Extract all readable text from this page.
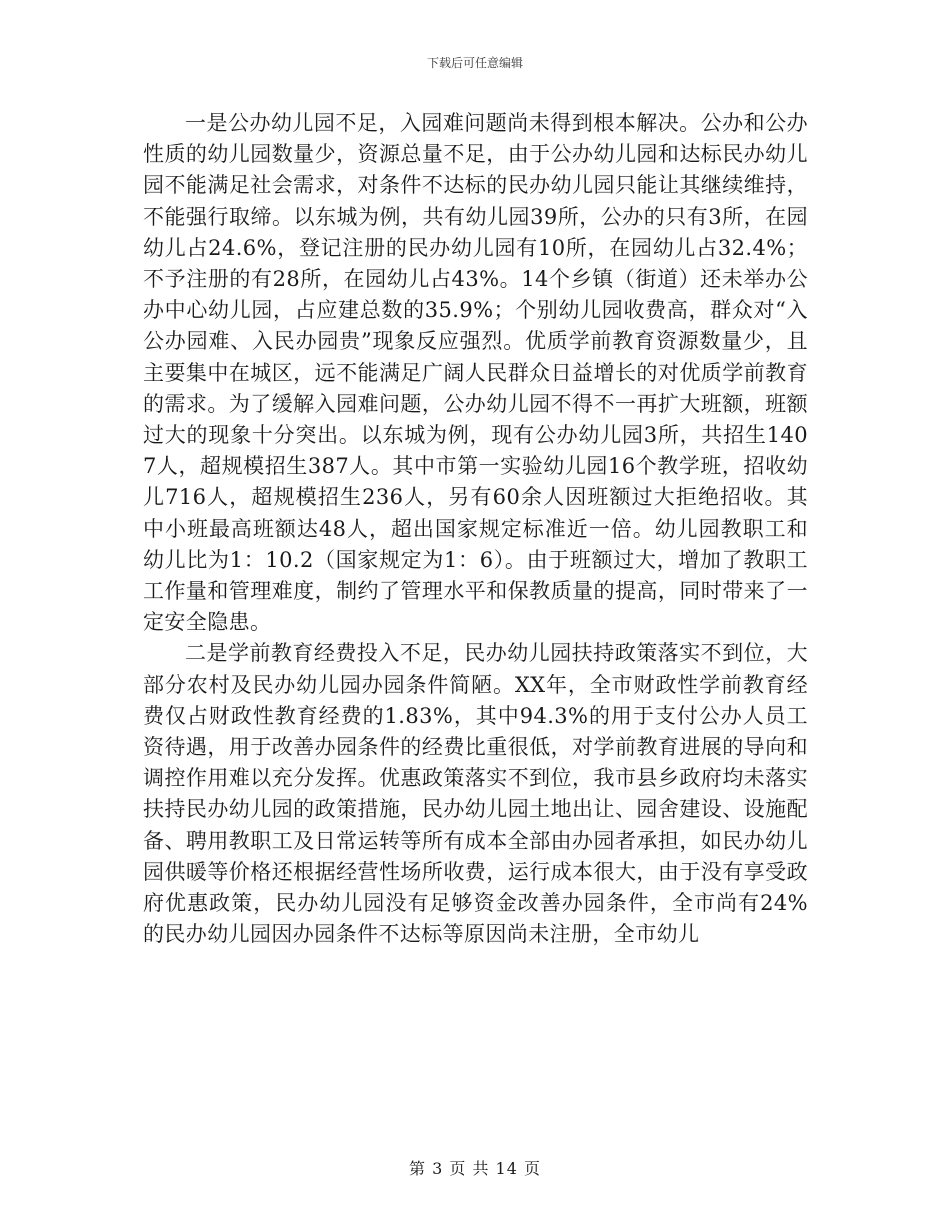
下载后可任意编辑

一是公办幼儿园不足，入园难问题尚未得到根本解决。公办和公办性质的幼儿园数量少，资源总量不足，由于公办幼儿园和达标民办幼儿园不能满足社会需求，对条件不达标的民办幼儿园只能让其继续维持，不能强行取缔。以东城为例，共有幼儿园39所，公办的只有3所，在园幼儿占24.6%，登记注册的民办幼儿园有10所，在园幼儿占32.4%；不予注册的有28所，在园幼儿占43%。14个乡镇（街道）还未举办公办中心幼儿园，占应建总数的35.9%；个别幼儿园收费高，群众对“入公办园难、入民办园贵”现象反应强烈。优质学前教育资源数量少，且主要集中在城区，远不能满足广阔人民群众日益增长的对优质学前教育的需求。为了缓解入园难问题，公办幼儿园不得不一再扩大班额，班额过大的现象十分突出。以东城为例，现有公办幼儿园3所，共招生1407人，超规模招生387人。其中市第一实验幼儿园16个教学班，招收幼儿716人，超规模招生236人，另有60余人因班额过大拒绝招收。其中小班最高班额达48人，超出国家规定标准近一倍。幼儿园教职工和幼儿比为1：10.2（国家规定为1：6）。由于班额过大，增加了教职工工作量和管理难度，制约了管理水平和保教质量的提高，同时带来了一定安全隐患。

二是学前教育经费投入不足，民办幼儿园扶持政策落实不到位，大部分农村及民办幼儿园办园条件简陋。XX年，全市财政性学前教育经费仅占财政性教育经费的1.83%，其中94.3%的用于支付公办人员工资待遇，用于改善办园条件的经费比重很低，对学前教育进展的导向和调控作用难以充分发挥。优惠政策落实不到位，我市县乡政府均未落实扶持民办幼儿园的政策措施，民办幼儿园土地出让、园舍建设、设施配备、聘用教职工及日常运转等所有成本全部由办园者承担，如民办幼儿园供暖等价格还根据经营性场所收费，运行成本很大，由于没有享受政府优惠政策，民办幼儿园没有足够资金改善办园条件，全市尚有24%的民办幼儿园因办园条件不达标等原因尚未注册，全市幼儿

第 3 页 共 14 页
